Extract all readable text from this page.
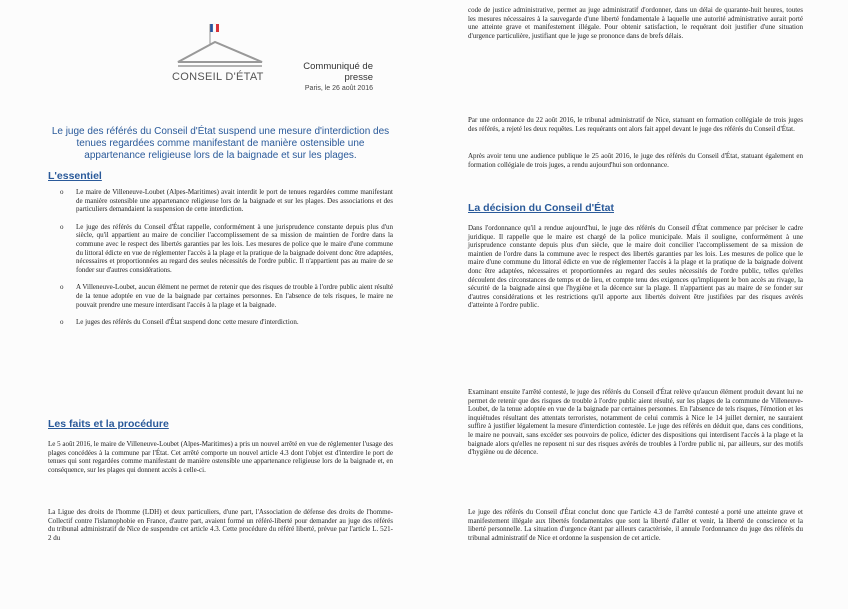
CONSEIL D'ÉTAT
Communiqué de presse
Paris, le 26 août 2016
Le juge des référés du Conseil d'État suspend une mesure d'interdiction des tenues regardées comme manifestant de manière ostensible une appartenance religieuse lors de la baignade et sur les plages.
L'essentiel
o Le maire de Villeneuve-Loubet (Alpes-Maritimes) avait interdit le port de tenues regardées comme manifestant de manière ostensible une appartenance religieuse lors de la baignade et sur les plages. Des associations et des particuliers demandaient la suspension de cette interdiction.
o Le juge des référés du Conseil d'État rappelle, conformément à une jurisprudence constante depuis plus d'un siècle, qu'il appartient au maire de concilier l'accomplissement de sa mission de maintien de l'ordre dans la commune avec le respect des libertés garanties par les lois. Les mesures de police que le maire d'une commune du littoral édicte en vue de réglementer l'accès à la plage et la pratique de la baignade doivent donc être adaptées, nécessaires et proportionnées au regard des seules nécessités de l'ordre public. Il n'appartient pas au maire de se fonder sur d'autres considérations.
o A Villeneuve-Loubet, aucun élément ne permet de retenir que des risques de trouble à l'ordre public aient résulté de la tenue adoptée en vue de la baignade par certaines personnes. En l'absence de tels risques, le maire ne pouvait prendre une mesure interdisant l'accès à la plage et la baignade.
o Le juges des référés du Conseil d'État suspend donc cette mesure d'interdiction.
Les faits et la procédure
Le 5 août 2016, le maire de Villeneuve-Loubet (Alpes-Maritimes) a pris un nouvel arrêté en vue de réglementer l'usage des plages concédées à la commune par l'État. Cet arrêté comporte un nouvel article 4.3 dont l'objet est d'interdire le port de tenues qui sont regardées comme manifestant de manière ostensible une appartenance religieuse lors de la baignade et, en conséquence, sur les plages qui donnent accès à celle-ci.
La Ligue des droits de l'homme (LDH) et deux particuliers, d'une part, l'Association de défense des droits de l'homme-Collectif contre l'islamophobie en France, d'autre part, avaient formé un référé-liberté pour demander au juge des référés du tribunal administratif de Nice de suspendre cet article 4.3. Cette procédure du référé liberté, prévue par l'article L. 521-2 du
code de justice administrative, permet au juge administratif d'ordonner, dans un délai de quarante-huit heures, toutes les mesures nécessaires à la sauvegarde d'une liberté fondamentale à laquelle une autorité administrative aurait porté une atteinte grave et manifestement illégale. Pour obtenir satisfaction, le requérant doit justifier d'une situation d'urgence particulière, justifiant que le juge se prononce dans de brefs délais.
Par une ordonnance du 22 août 2016, le tribunal administratif de Nice, statuant en formation collégiale de trois juges des référés, a rejeté les deux requêtes. Les requérants ont alors fait appel devant le juge des référés du Conseil d'État.
Après avoir tenu une audience publique le 25 août 2016, le juge des référés du Conseil d'État, statuant également en formation collégiale de trois juges, a rendu aujourd'hui son ordonnance.
La décision du Conseil d'État
Dans l'ordonnance qu'il a rendue aujourd'hui, le juge des référés du Conseil d'État commence par préciser le cadre juridique. Il rappelle que le maire est chargé de la police municipale. Mais il souligne, conformément à une jurisprudence constante depuis plus d'un siècle, que le maire doit concilier l'accomplissement de sa mission de maintien de l'ordre dans la commune avec le respect des libertés garanties par les lois. Les mesures de police que le maire d'une commune du littoral édicte en vue de réglementer l'accès à la plage et la pratique de la baignade doivent donc être adaptées, nécessaires et proportionnées au regard des seules nécessités de l'ordre public, telles qu'elles découlent des circonstances de temps et de lieu, et compte tenu des exigences qu'impliquent le bon accès au rivage, la sécurité de la baignade ainsi que l'hygiène et la décence sur la plage. Il n'appartient pas au maire de se fonder sur d'autres considérations et les restrictions qu'il apporte aux libertés doivent être justifiées par des risques avérés d'atteinte à l'ordre public.
Examinant ensuite l'arrêté contesté, le juge des référés du Conseil d'État relève qu'aucun élément produit devant lui ne permet de retenir que des risques de trouble à l'ordre public aient résulté, sur les plages de la commune de Villeneuve-Loubet, de la tenue adoptée en vue de la baignade par certaines personnes. En l'absence de tels risques, l'émotion et les inquiétudes résultant des attentats terroristes, notamment de celui commis à Nice le 14 juillet dernier, ne sauraient suffire à justifier légalement la mesure d'interdiction contestée. Le juge des référés en déduit que, dans ces conditions, le maire ne pouvait, sans excéder ses pouvoirs de police, édicter des dispositions qui interdisent l'accès à la plage et la baignade alors qu'elles ne reposent ni sur des risques avérés de troubles à l'ordre public ni, par ailleurs, sur des motifs d'hygiène ou de décence.
Le juge des référés du Conseil d'État conclut donc que l'article 4.3 de l'arrêté contesté a porté une atteinte grave et manifestement illégale aux libertés fondamentales que sont la liberté d'aller et venir, la liberté de conscience et la liberté personnelle. La situation d'urgence étant par ailleurs caractérisée, il annule l'ordonnance du juge des référés du tribunal administratif de Nice et ordonne la suspension de cet article.
